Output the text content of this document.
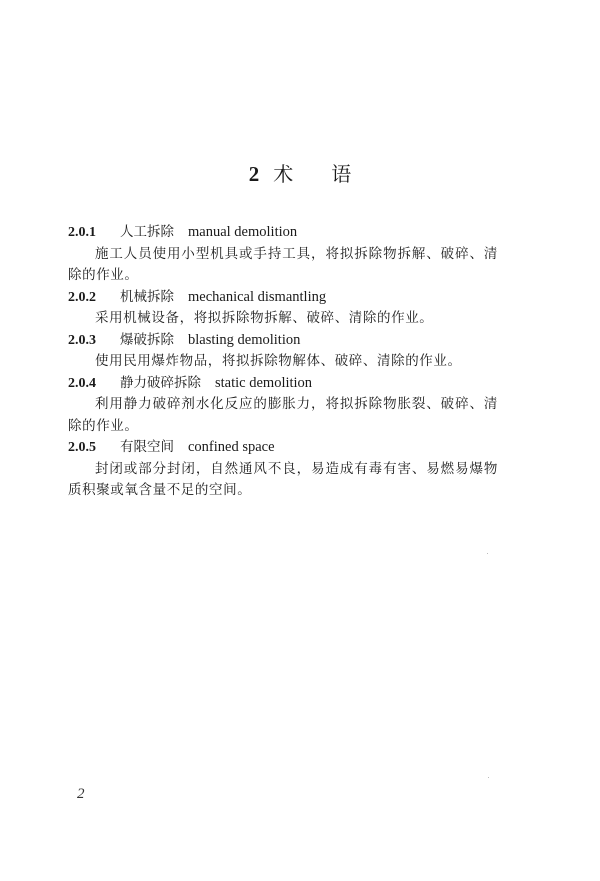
2 术 语
2.0.1 人工拆除 manual demolition

施工人员使用小型机具或手持工具，将拟拆除物拆解、破碎、清除的作业。

2.0.2 机械拆除 mechanical dismantling

采用机械设备，将拟拆除物拆解、破碎、清除的作业。

2.0.3 爆破拆除 blasting demolition

使用民用爆炸物品，将拟拆除物解体、破碎、清除的作业。

2.0.4 静力破碎拆除 static demolition

利用静力破碎剂水化反应的膨胀力，将拟拆除物胀裂、破碎、清除的作业。

2.0.5 有限空间 confined space

封闭或部分封闭，自然通风不良，易造成有毒有害、易燃易爆物质积聚或氧含量不足的空间。

2
